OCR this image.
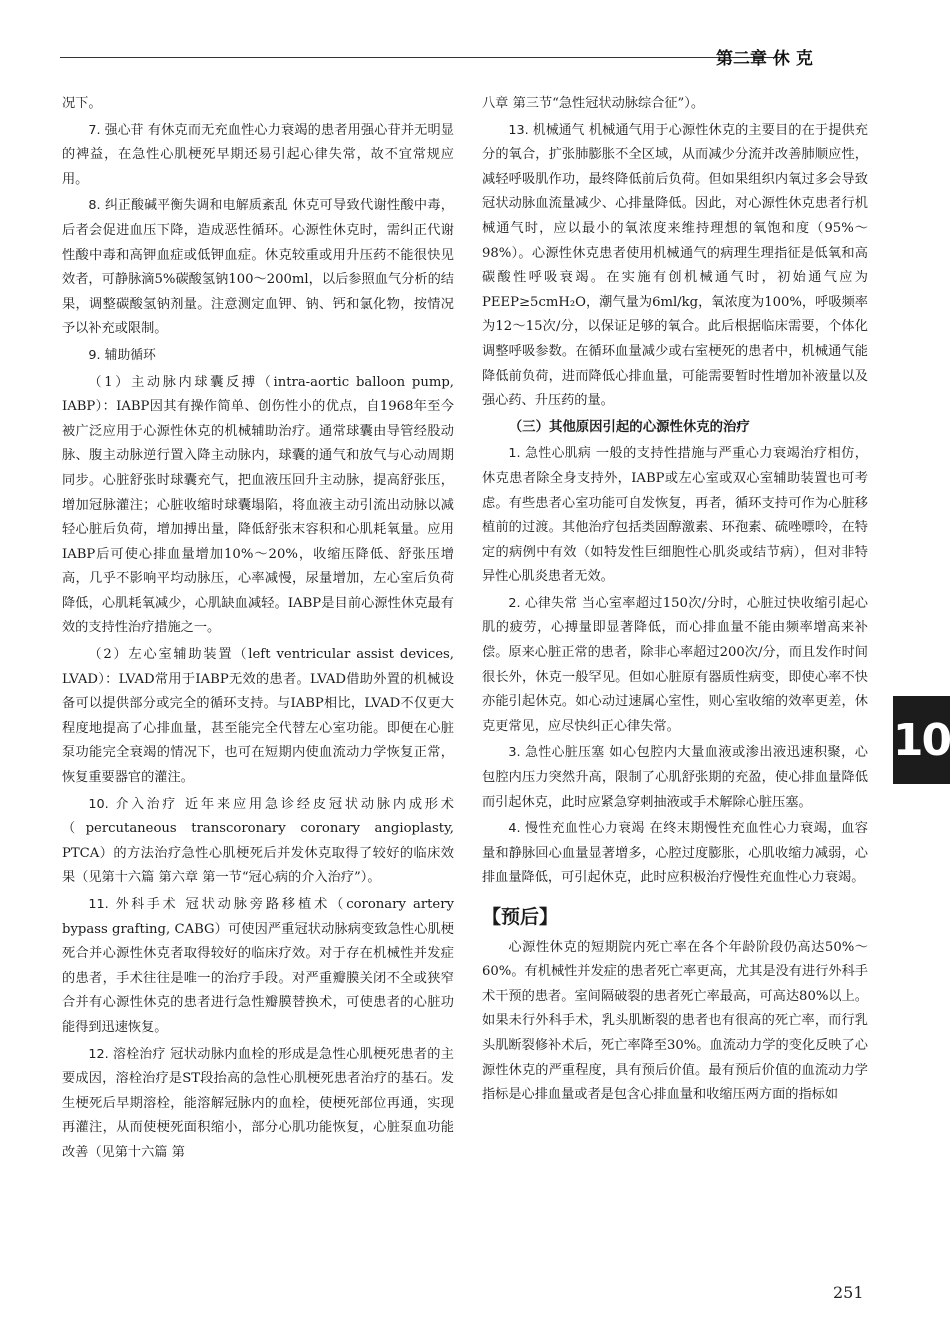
第二章 休 克

况下。

7. 强心苷 有休克而无充血性心力衰竭的患者用强心苷并无明显的裨益，在急性心肌梗死早期还易引起心律失常，故不宜常规应用。

8. 纠正酸碱平衡失调和电解质紊乱 休克可导致代谢性酸中毒，后者会促进血压下降，造成恶性循环。心源性休克时，需纠正代谢性酸中毒和高钾血症或低钾血症。休克较重或用升压药不能很快见效者，可静脉滴5%碳酸氢钠100～200ml，以后参照血气分析的结果，调整碳酸氢钠剂量。注意测定血钾、钠、钙和氯化物，按情况予以补充或限制。

9. 辅助循环

（1）主动脉内球囊反搏（intra-aortic balloon pump, IABP）：IABP因其有操作简单、创伤性小的优点，自1968年至今被广泛应用于心源性休克的机械辅助治疗。通常球囊由导管经股动脉、腹主动脉逆行置入降主动脉内，球囊的通气和放气与心动周期同步。心脏舒张时球囊充气，把血液压回升主动脉，提高舒张压，增加冠脉灌注；心脏收缩时球囊塌陷，将血液主动引流出动脉以减轻心脏后负荷，增加搏出量，降低舒张末容积和心肌耗氧量。应用IABP后可使心排血量增加10%～20%，收缩压降低、舒张压增高，几乎不影响平均动脉压，心率减慢，尿量增加，左心室后负荷降低，心肌耗氧减少，心肌缺血减轻。IABP是目前心源性休克最有效的支持性治疗措施之一。

（2）左心室辅助装置（left ventricular assist devices, LVAD）：LVAD常用于IABP无效的患者。LVAD借助外置的机械设备可以提供部分或完全的循环支持。与IABP相比，LVAD不仅更大程度地提高了心排血量，甚至能完全代替左心室功能。即便在心脏泵功能完全衰竭的情况下，也可在短期内使血流动力学恢复正常，恢复重要器官的灌注。

10. 介入治疗 近年来应用急诊经皮冠状动脉内成形术（percutaneous transcoronary coronary angioplasty, PTCA）的方法治疗急性心肌梗死后并发休克取得了较好的临床效果（见第十六篇 第六章 第一节“冠心病的介入治疗”）。

11. 外科手术 冠状动脉旁路移植术（coronary artery bypass grafting, CABG）可使因严重冠状动脉病变致急性心肌梗死合并心源性休克者取得较好的临床疗效。对于存在机械性并发症的患者，手术往往是唯一的治疗手段。对严重瓣膜关闭不全或狭窄合并有心源性休克的患者进行急性瓣膜替换术，可使患者的心脏功能得到迅速恢复。

12. 溶栓治疗 冠状动脉内血栓的形成是急性心肌梗死患者的主要成因，溶栓治疗是ST段抬高的急性心肌梗死患者治疗的基石。发生梗死后早期溶栓，能溶解冠脉内的血栓，使梗死部位再通，实现再灌注，从而使梗死面积缩小，部分心肌功能恢复，心脏泵血功能改善（见第十六篇 第

八章 第三节“急性冠状动脉综合征”）。

13. 机械通气 机械通气用于心源性休克的主要目的在于提供充分的氧合，扩张肺膨胀不全区域，从而减少分流并改善肺顺应性，减轻呼吸肌作功，最终降低前后负荷。但如果组织内氧过多会导致冠状动脉血流量减少、心排量降低。因此，对心源性休克患者行机械通气时，应以最小的氧浓度来维持理想的氧饱和度（95%～98%）。心源性休克患者使用机械通气的病理生理指征是低氧和高碳酸性呼吸衰竭。在实施有创机械通气时，初始通气应为PEEP≥5cmH₂O，潮气量为6ml/kg，氧浓度为100%，呼吸频率为12～15次/分，以保证足够的氧合。此后根据临床需要，个体化调整呼吸参数。在循环血量减少或右室梗死的患者中，机械通气能降低前负荷，进而降低心排血量，可能需要暂时性增加补液量以及强心药、升压药的量。

（三）其他原因引起的心源性休克的治疗

1. 急性心肌病 一般的支持性措施与严重心力衰竭治疗相仿，休克患者除全身支持外，IABP或左心室或双心室辅助装置也可考虑。有些患者心室功能可自发恢复，再者，循环支持可作为心脏移植前的过渡。其他治疗包括类固醇激素、环孢素、硫唑嘌呤，在特定的病例中有效（如特发性巨细胞性心肌炎或结节病），但对非特异性心肌炎患者无效。

2. 心律失常 当心室率超过150次/分时，心脏过快收缩引起心肌的疲劳，心搏量即显著降低，而心排血量不能由频率增高来补偿。原来心脏正常的患者，除非心率超过200次/分，而且发作时间很长外，休克一般罕见。但如心脏原有器质性病变，即使心率不快亦能引起休克。如心动过速属心室性，则心室收缩的效率更差，休克更常见，应尽快纠正心律失常。

3. 急性心脏压塞 如心包腔内大量血液或渗出液迅速积聚，心包腔内压力突然升高，限制了心肌舒张期的充盈，使心排血量降低而引起休克，此时应紧急穿刺抽液或手术解除心脏压塞。

4. 慢性充血性心力衰竭 在终末期慢性充血性心力衰竭，血容量和静脉回心血量显著增多，心腔过度膨胀，心肌收缩力减弱，心排血量降低，可引起休克，此时应积极治疗慢性充血性心力衰竭。

【预后】

心源性休克的短期院内死亡率在各个年龄阶段仍高达50%～60%。有机械性并发症的患者死亡率更高，尤其是没有进行外科手术干预的患者。室间隔破裂的患者死亡率最高，可高达80%以上。如果未行外科手术，乳头肌断裂的患者也有很高的死亡率，而行乳头肌断裂修补术后，死亡率降至30%。血流动力学的变化反映了心源性休克的严重程度，具有预后价值。最有预后价值的血流动力学指标是心排血量或者是包含心排血量和收缩压两方面的指标如

10
251
